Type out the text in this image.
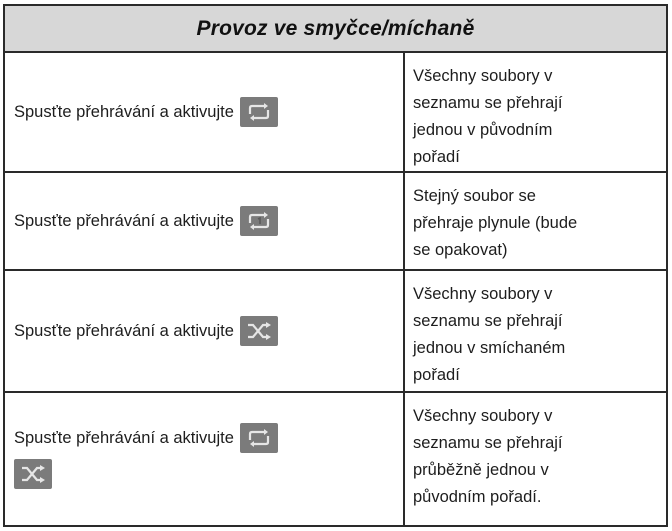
Provoz ve smyčce/míchaně
Spusťte přehrávání a aktivujte

Všechny soubory v

seznamu se přehrají

jednou v původním

pořadí

Spusťte přehrávání a aktivujte

Stejný soubor se

přehraje plynule (bude

se opakovat)

Spusťte přehrávání a aktivujte

Všechny soubory v

seznamu se přehrají

jednou v smíchaném

pořadí

Spusťte přehrávání a aktivujte

Všechny soubory v

seznamu se přehrají

průběžně jednou v

původním pořadí.
